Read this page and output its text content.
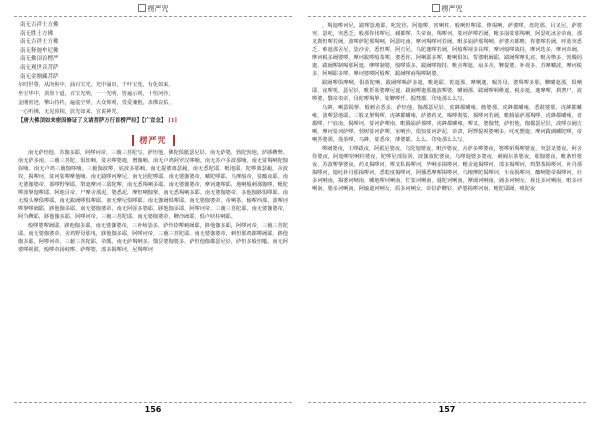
楞严咒
南无吉祥士方佛
南无胜士方佛
南无吉祥士方佛
南无释迦牟尼佛
南无佛顶首楞严
南无观世音菩萨
南无金刚藏菩萨
尔时世尊，从肉髻中，涌百宝光，光中涌出，千叶宝莲，有化如来，
坐宝华中，顶放十道，百宝光明，一一光明，皆遍示现，十恒河沙，
金刚密迹，擎山持杵，遍虚空界，大众仰观，畏爱兼抱，求佛哀佑，
一心听佛，无见顶相，放光如来，宣说神咒。
【唐大佛顶如来密因修证了义诸菩萨万行首楞严经】【广宣念】 [1]
楞严咒
南无萨怛他，苏伽多耶，阿啰诃帝，三藐三菩陀写。萨怛他，佛陀俱胝瑟尼钐。南无萨婆，勃陀勃地，萨跢鞞弊。南无萨多南，三藐三菩陀，俱知喃。娑舍啰婆迦，僧伽喃。南无卢鸡阿罗汉哆喃。南无苏卢多波那喃。南无娑羯唎陀伽弥喃。南无卢鸡三藐伽哆喃。三藐伽波啰，底波多那喃。南无提婆离瑟赧。南无悉陀耶，毗地耶，陀啰离瑟赧。舍波奴，揭啰诃，娑诃娑啰摩他喃。南无跋啰诃摩尼。南无因陀啰耶。南无婆伽婆帝，嚧陀啰耶，乌摩般帝，娑醯夜耶。南无婆伽婆帝，那啰野拏耶，槃遮摩诃三慕陀啰，南无悉羯唎多耶。南无婆伽婆帝，摩诃迦啰耶，地唎般剌那伽啰，毗陀啰波拏迦啰耶，阿地目帝，尸摩舍那泥，婆悉泥，摩怛唎伽拏。南无悉羯唎多耶。南无婆伽婆帝，多他伽跢俱啰耶。南无般头摩俱啰耶。南无跋阇啰俱啰耶。南无摩尼俱啰耶。南无伽阇俱啰耶。南无婆伽婆帝，帝唎茶，输啰西那，波啰诃啰拏啰阇耶，跢他伽多耶。南无婆伽婆帝，南无阿弥多婆耶，跢他伽多耶，阿啰诃帝，三藐三菩陀耶。南无婆伽婆帝，阿刍鞞耶，跢他伽多耶，阿啰诃帝，三藐三菩陀耶。南无婆伽婆帝，鞞沙阇耶，俱卢吠柱唎耶。
般啰婆啰阇耶，跢他伽多耶。南无婆伽婆帝，三补师毖多，萨怜捺啰剌阇耶，跢他伽多耶，阿啰诃帝，三藐三菩陀耶。南无婆伽婆帝，舍鸡野母那曳，跢他伽多耶，阿啰诃帝，三藐三菩陀耶。南无婆伽婆帝，刺怛那鸡都啰阇耶，跢他伽多耶，阿啰诃帝，三藐三菩陀耶，帝瓢，南无萨羯唎多，翳昙婆伽婆多，萨怛他伽都瑟尼钐，萨怛多般怛嚂。南无阿婆啰视耽，般啰帝扬岐啰，萨啰婆，部多揭啰诃，尼羯啰诃
156
楞严咒
，羯迦啰诃尼，跋啰毖地耶，叱陀你，阿迦啰，密唎柱，般唎怛啰耶，儜揭唎，萨婆啰，盘陀那，目叉尼，萨婆突，瑟吒，突悉乏，般那你伐啰尼，赭都啰，失帝南，羯啰诃，娑诃萨啰若阇，毗多崩娑那羯唎，阿瑟吒冰舍帝南，那叉刹怛啰若阇，波啰萨陀那羯唎，阿瑟吒南，摩诃羯啰诃若阇，毗多崩萨那羯唎，萨婆舍都噜，你婆啰若阇，呼蓝突悉乏，难遮那舍尼，毖沙舍，悉怛啰，阿吉尼，乌陀迦啰若阇，阿般啰视多具啰，摩诃般啰战持，摩诃迭多，摩诃帝阇，摩诃税多阇婆啰，摩诃跋啰般茶啰，婆悉你，阿唎耶多啰，毗唎俱知，誓婆毗阇耶，跋阇啰摩礼底，毗舍噜多，勃腾罔迦，跋阇啰制喝那阿遮，摩啰制婆，般啰质多，跋阇啰擅持，毗舍啰遮，扇多舍，鞞提婆，补视多，苏摩嚧波，摩诃税多，阿唎耶多啰，摩诃婆啰阿般啰，跋阇啰商羯啰制婆。
跋阇啰俱摩唎，俱蓝陀唎，跋阇啰喝萨多遮，毗地耶，乾遮那，摩唎迦，啒苏母，婆羯啰多那，鞞嚧遮那，俱唎耶，夜啰菟，瑟尼钐，毗折蓝婆摩尼遮，跋阇啰迦那迦波啰婆，嚧阇那，跋阇啰顿稚遮，税多遮，迦摩啰，刹奢尸，波啰婆，翳帝夷帝，母陀啰羯拏，娑鞞啰忏，掘梵都，印兔那么么写。
乌𤙖，唎瑟揭拏，般剌舍悉多，萨怛他，伽都瑟尼钐，虎𤙖都嚧雍，瞻婆那，虎𤙖都嚧雍，悉耽婆那，虎𤙖都嚧雍，波啰瑟地耶，三般叉拏羯啰，虎𤙖都嚧雍，萨婆药叉，喝啰刹娑，揭啰诃若阇，毗腾崩萨那羯啰，虎𤙖都嚧雍，者都啰，尸底南，揭啰诃，娑诃萨啰南，毗腾崩萨那啰，虎𤙖都嚧雍，啰叉，婆伽梵，萨怛他，伽都瑟尼钐，波啰点阇吉唎，摩诃娑诃萨啰，勃树娑诃萨啰，室唎沙，俱知娑诃萨泥，帝隶，阿弊提视婆唎多，吒吒甖迦，摩诃跋阇嚧陀啰，帝唎菩婆那，曼茶啰，乌𤙖，娑悉帝，薄婆都，么么，印兔那么么写。
啰阇婆夜，主啰跋夜，阿祇尼婆夜，乌陀迦婆夜，毗沙婆夜，舍萨多啰婆夜，婆啰斫羯啰婆夜，突瑟叉婆夜，阿舍你婆夜，阿迦啰密唎柱婆夜，陀啰尼部弥剑，波伽波陀婆夜，乌啰迦婆多婆夜，刺阇坛茶婆夜，那伽婆夜，毗条怛婆夜，苏波啰拏婆夜，药叉揭啰诃，啰叉私揭啰诃，毕唎多揭啰诃，毗舍遮揭啰诃，部多揭啰诃，鸠槃茶揭啰诃，补丹那揭啰诃，迦吒补丹那揭啰诃，悉乾度揭啰诃，阿播悉摩啰揭啰诃，乌檀摩陀揭啰诃，车夜揭啰诃，醯唎婆帝揭啰诃，社多诃唎南，揭婆诃唎南，嚧地啰诃唎南，忙娑诃唎南，谜陀诃唎南，摩阇诃唎南，阇多诃唎女，视比多诃唎南，毗多诃唎南，婆多诃唎南，阿输遮诃唎女，质多诃唎女，帝钐萨鞞钐，萨婆揭啰诃南，毗陀耶阇，嗔陀夜
157
